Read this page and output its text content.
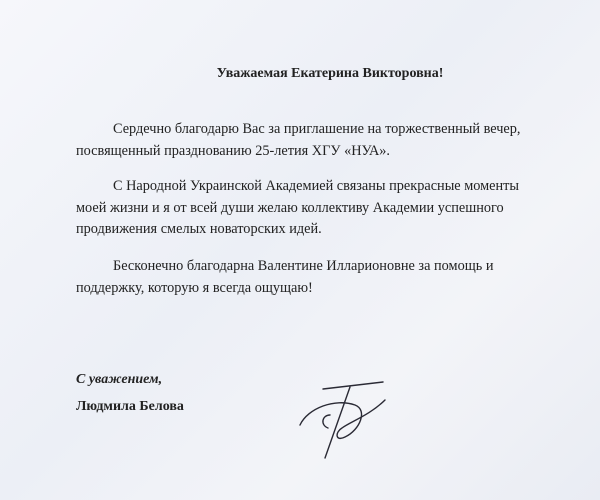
Уважаемая Екатерина Викторовна!

Сердечно благодарю Вас за приглашение на торжественный вечер, посвященный празднованию 25-летия ХГУ «НУА».

С Народной Украинской Академией связаны прекрасные моменты моей жизни и я от всей души желаю коллективу Академии успешного продвижения смелых новаторских идей.

Бесконечно благодарна Валентине Илларионовне за помощь и поддержку, которую я всегда ощущаю!

С уважением,
Людмила Белова
